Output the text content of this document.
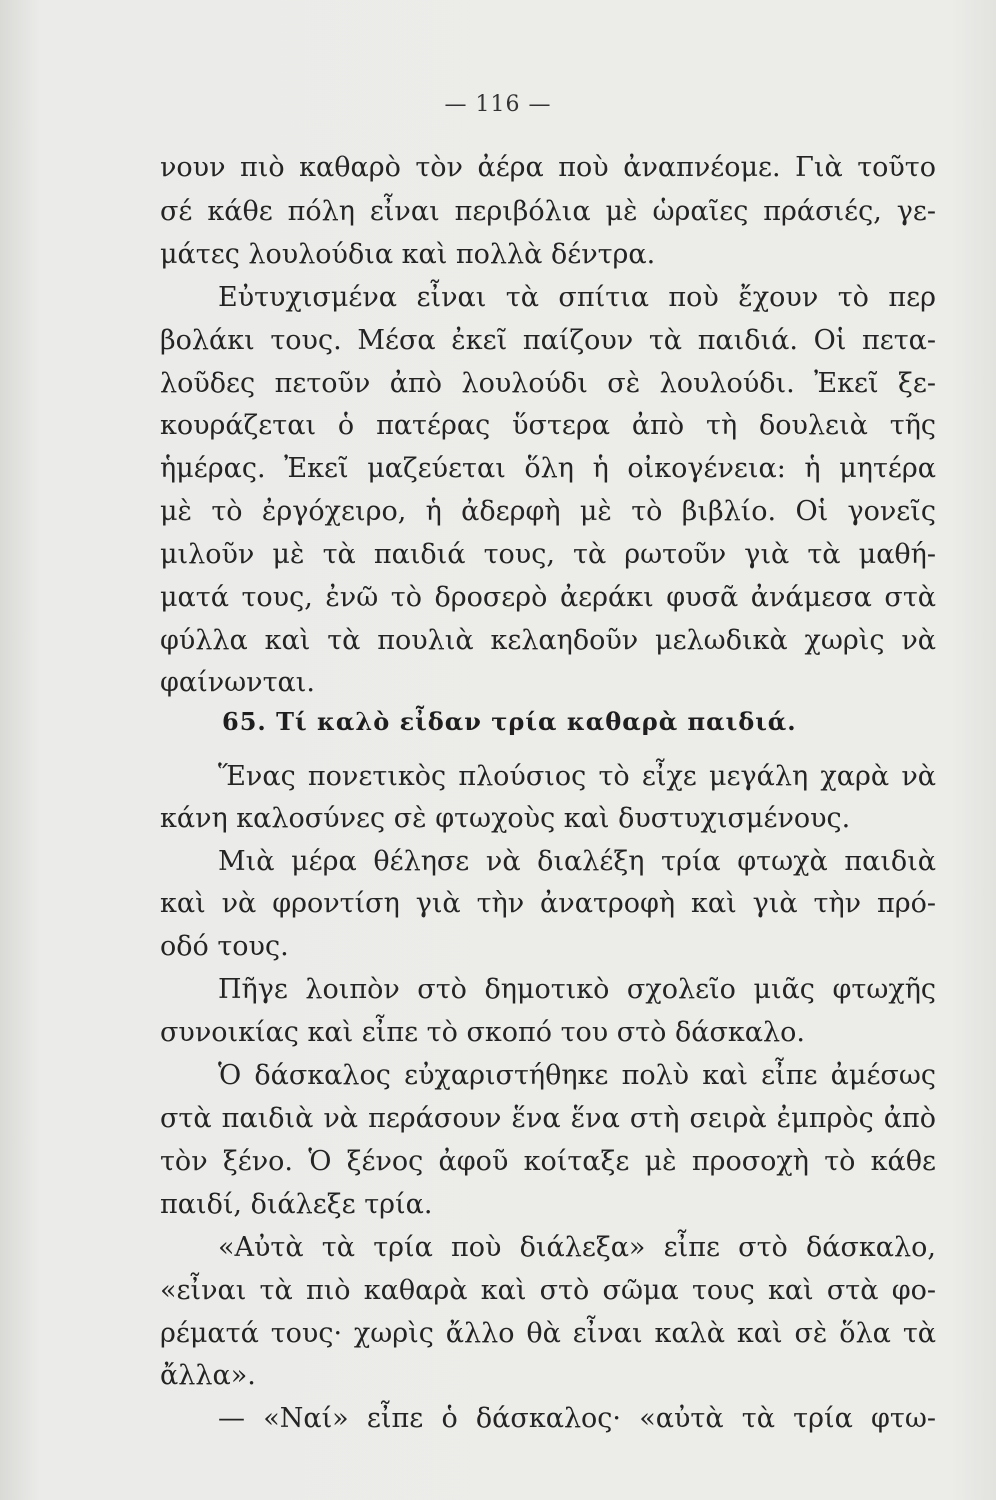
— 116 —
νουν πιὸ καθαρὸ τὸν ἀέρα ποὺ ἀναπνέομε. Γιὰ τοῦτο
σέ κάθε πόλη εἶναι περιβόλια μὲ ὡραῖες πράσιές, γε-
μάτες λουλούδια καὶ πολλὰ δέντρα.
Εὐτυχισμένα εἶναι τὰ σπίτια ποὺ ἔχουν τὸ περ
βολάκι τους. Μέσα ἐκεῖ παίζουν τὰ παιδιά. Οἱ πετα-
λοῦδες πετοῦν ἀπὸ λουλούδι σὲ λουλούδι. Ἐκεῖ ξε-
κουράζεται ὁ πατέρας ὕστερα ἀπὸ τὴ δουλειὰ τῆς
ἡμέρας. Ἐκεῖ μαζεύεται ὅλη ἡ οἰκογένεια: ἡ μητέρα
μὲ τὸ ἐργόχειρο, ἡ ἀδερφὴ μὲ τὸ βιβλίο. Οἱ γονεῖς
μιλοῦν μὲ τὰ παιδιά τους, τὰ ρωτοῦν γιὰ τὰ μαθή-
ματά τους, ἐνῶ τὸ δροσερὸ ἀεράκι φυσᾶ ἀνάμεσα στὰ
φύλλα καὶ τὰ πουλιὰ κελαηδοῦν μελωδικὰ χωρὶς νὰ
φαίνωνται.
65. Τί καλὸ εἶδαν τρία καθαρὰ παιδιά.
Ἕνας πονετικὸς πλούσιος τὸ εἶχε μεγάλη χαρὰ νὰ
κάνη καλοσύνες σὲ φτωχοὺς καὶ δυστυχισμένους.
Μιὰ μέρα θέλησε νὰ διαλέξη τρία φτωχὰ παιδιὰ
καὶ νὰ φροντίση γιὰ τὴν ἀνατροφὴ καὶ γιὰ τὴν πρό-
οδό τους.
Πῆγε λοιπὸν στὸ δημοτικὸ σχολεῖο μιᾶς φτωχῆς
συνοικίας καὶ εἶπε τὸ σκοπό του στὸ δάσκαλο.
Ὁ δάσκαλος εὐχαριστήθηκε πολὺ καὶ εἶπε ἀμέσως
στὰ παιδιὰ νὰ περάσουν ἕνα ἕνα στὴ σειρὰ ἐμπρὸς ἀπὸ
τὸν ξένο. Ὁ ξένος ἀφοῦ κοίταξε μὲ προσοχὴ τὸ κάθε
παιδί, διάλεξε τρία.
«Αὐτὰ τὰ τρία ποὺ διάλεξα» εἶπε στὸ δάσκαλο,
«εἶναι τὰ πιὸ καθαρὰ καὶ στὸ σῶμα τους καὶ στὰ φο-
ρέματά τους· χωρὶς ἄλλο θὰ εἶναι καλὰ καὶ σὲ ὅλα τὰ
ἄλλα».
— «Ναί» εἶπε ὁ δάσκαλος· «αὐτὰ τὰ τρία φτω-
